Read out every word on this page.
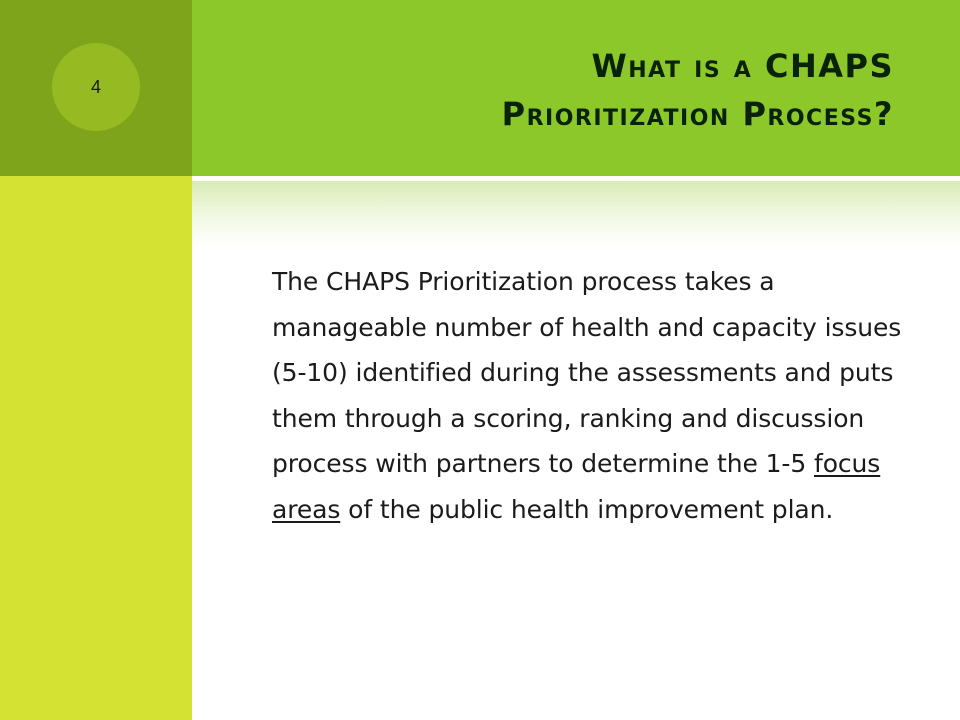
4
What is a CHAPS
Prioritization Process?

The CHAPS Prioritization process takes a manageable number of health and capacity issues (5-10) identified during the assessments and puts them through a scoring, ranking and discussion process with partners to determine the 1-5 focus areas of the public health improvement plan.
